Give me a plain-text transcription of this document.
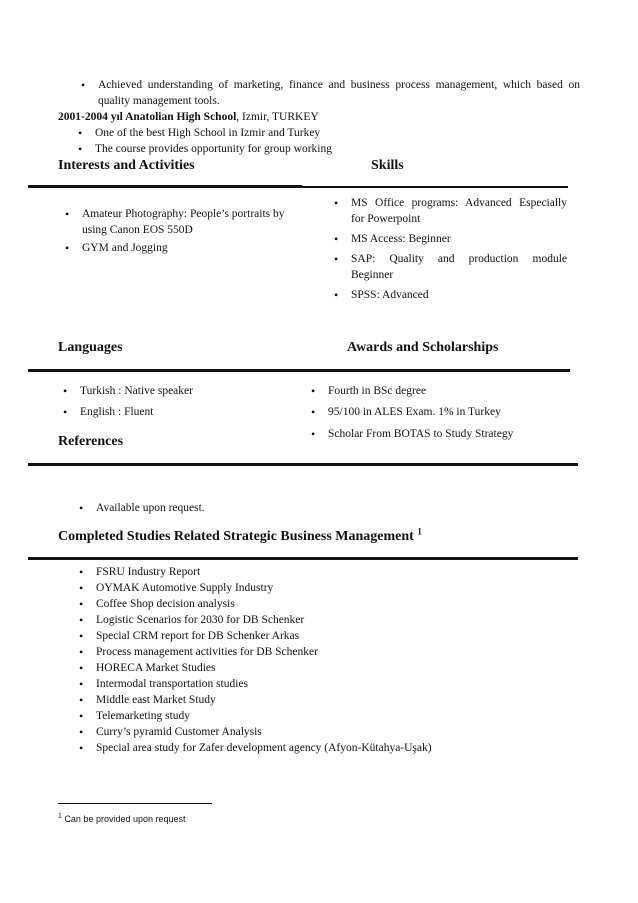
• Achieved understanding of marketing, finance and business process management, which based on
quality management tools.
2001-2004 yıl Anatolian High School, Izmir, TURKEY
• One of the best High School in Izmir and Turkey
• The course provides opportunity for group working
Interests and Activities	Skills
• Amateur Photography: People’s portraits by
using Canon EOS 550D
• GYM and Jogging
• MS Office programs: Advanced Especially
for Powerpoint
• MS Access: Beginner
• SAP: Quality and production module
Beginner
• SPSS: Advanced
Languages	Awards and Scholarships
• Turkish : Native speaker
• English : Fluent
• Fourth in BSc degree
• 95/100 in ALES Exam. 1% in Turkey
• Scholar From BOTAS to Study Strategy
References
• Available upon request.
Completed Studies Related Strategic Business Management $^1$
• FSRU Industry Report
• OYMAK Automotive Supply Industry
• Coffee Shop decision analysis
• Logistic Scenarios for 2030 for DB Schenker
• Special CRM report for DB Schenker Arkas
• Process management activities for DB Schenker
• HORECA Market Studies
• Intermodal transportation studies
• Middle east Market Study
• Telemarketing study
• Curry’s pyramid Customer Analysis
• Special area study for Zafer development agency (Afyon-Kütahya-Uşak)
$^1$ Can be provided upon request
